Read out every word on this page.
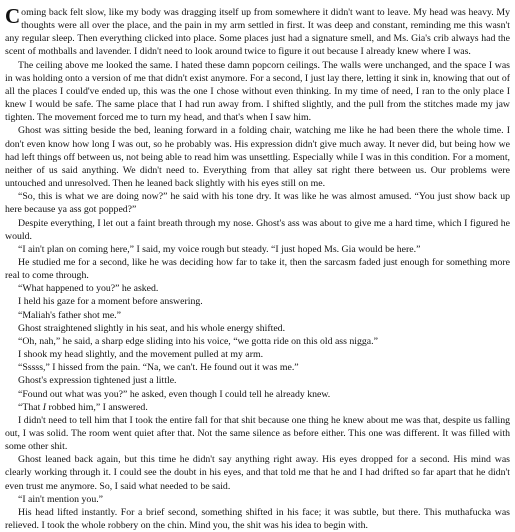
Coming back felt slow, like my body was dragging itself up from somewhere it didn't want to leave. My head was heavy. My thoughts were all over the place, and the pain in my arm settled in first. It was deep and constant, reminding me this wasn't any regular sleep. Then everything clicked into place. Some places just had a signature smell, and Ms. Gia's crib always had the scent of mothballs and lavender. I didn't need to look around twice to figure it out because I already knew where I was.

The ceiling above me looked the same. I hated these damn popcorn ceilings. The walls were unchanged, and the space I was in was holding onto a version of me that didn't exist anymore. For a second, I just lay there, letting it sink in, knowing that out of all the places I could've ended up, this was the one I chose without even thinking. In my time of need, I ran to the only place I knew I would be safe. The same place that I had run away from. I shifted slightly, and the pull from the stitches made my jaw tighten. The movement forced me to turn my head, and that's when I saw him.

Ghost was sitting beside the bed, leaning forward in a folding chair, watching me like he had been there the whole time. I don't even know how long I was out, so he probably was. His expression didn't give much away. It never did, but being how we had left things off between us, not being able to read him was unsettling. Especially while I was in this condition. For a moment, neither of us said anything. We didn't need to. Everything from that alley sat right there between us. Our problems were untouched and unresolved. Then he leaned back slightly with his eyes still on me.

“So, this is what we are doing now?” he said with his tone dry. It was like he was almost amused. “You just show back up here because ya ass got popped?”

Despite everything, I let out a faint breath through my nose. Ghost's ass was about to give me a hard time, which I figured he would.

“I ain't plan on coming here,” I said, my voice rough but steady. “I just hoped Ms. Gia would be here.”

He studied me for a second, like he was deciding how far to take it, then the sarcasm faded just enough for something more real to come through.

“What happened to you?” he asked.

I held his gaze for a moment before answering.

“Maliah's father shot me.”

Ghost straightened slightly in his seat, and his whole energy shifted.

“Oh, nah,” he said, a sharp edge sliding into his voice, “we gotta ride on this old ass nigga.”

I shook my head slightly, and the movement pulled at my arm.

“Sssss,” I hissed from the pain. “Na, we can't. He found out it was me.”

Ghost's expression tightened just a little.

“Found out what was you?” he asked, even though I could tell he already knew.

“That I robbed him,” I answered.

I didn't need to tell him that I took the entire fall for that shit because one thing he knew about me was that, despite us falling out, I was solid. The room went quiet after that. Not the same silence as before either. This one was different. It was filled with some other shit.

Ghost leaned back again, but this time he didn't say anything right away. His eyes dropped for a second. His mind was clearly working through it. I could see the doubt in his eyes, and that told me that he and I had drifted so far apart that he didn't even trust me anymore. So, I said what needed to be said.

“I ain't mention you.”

His head lifted instantly. For a brief second, something shifted in his face; it was subtle, but there. This muthafucka was relieved. I took the whole robbery on the chin. Mind you, the shit was his idea to begin with.
